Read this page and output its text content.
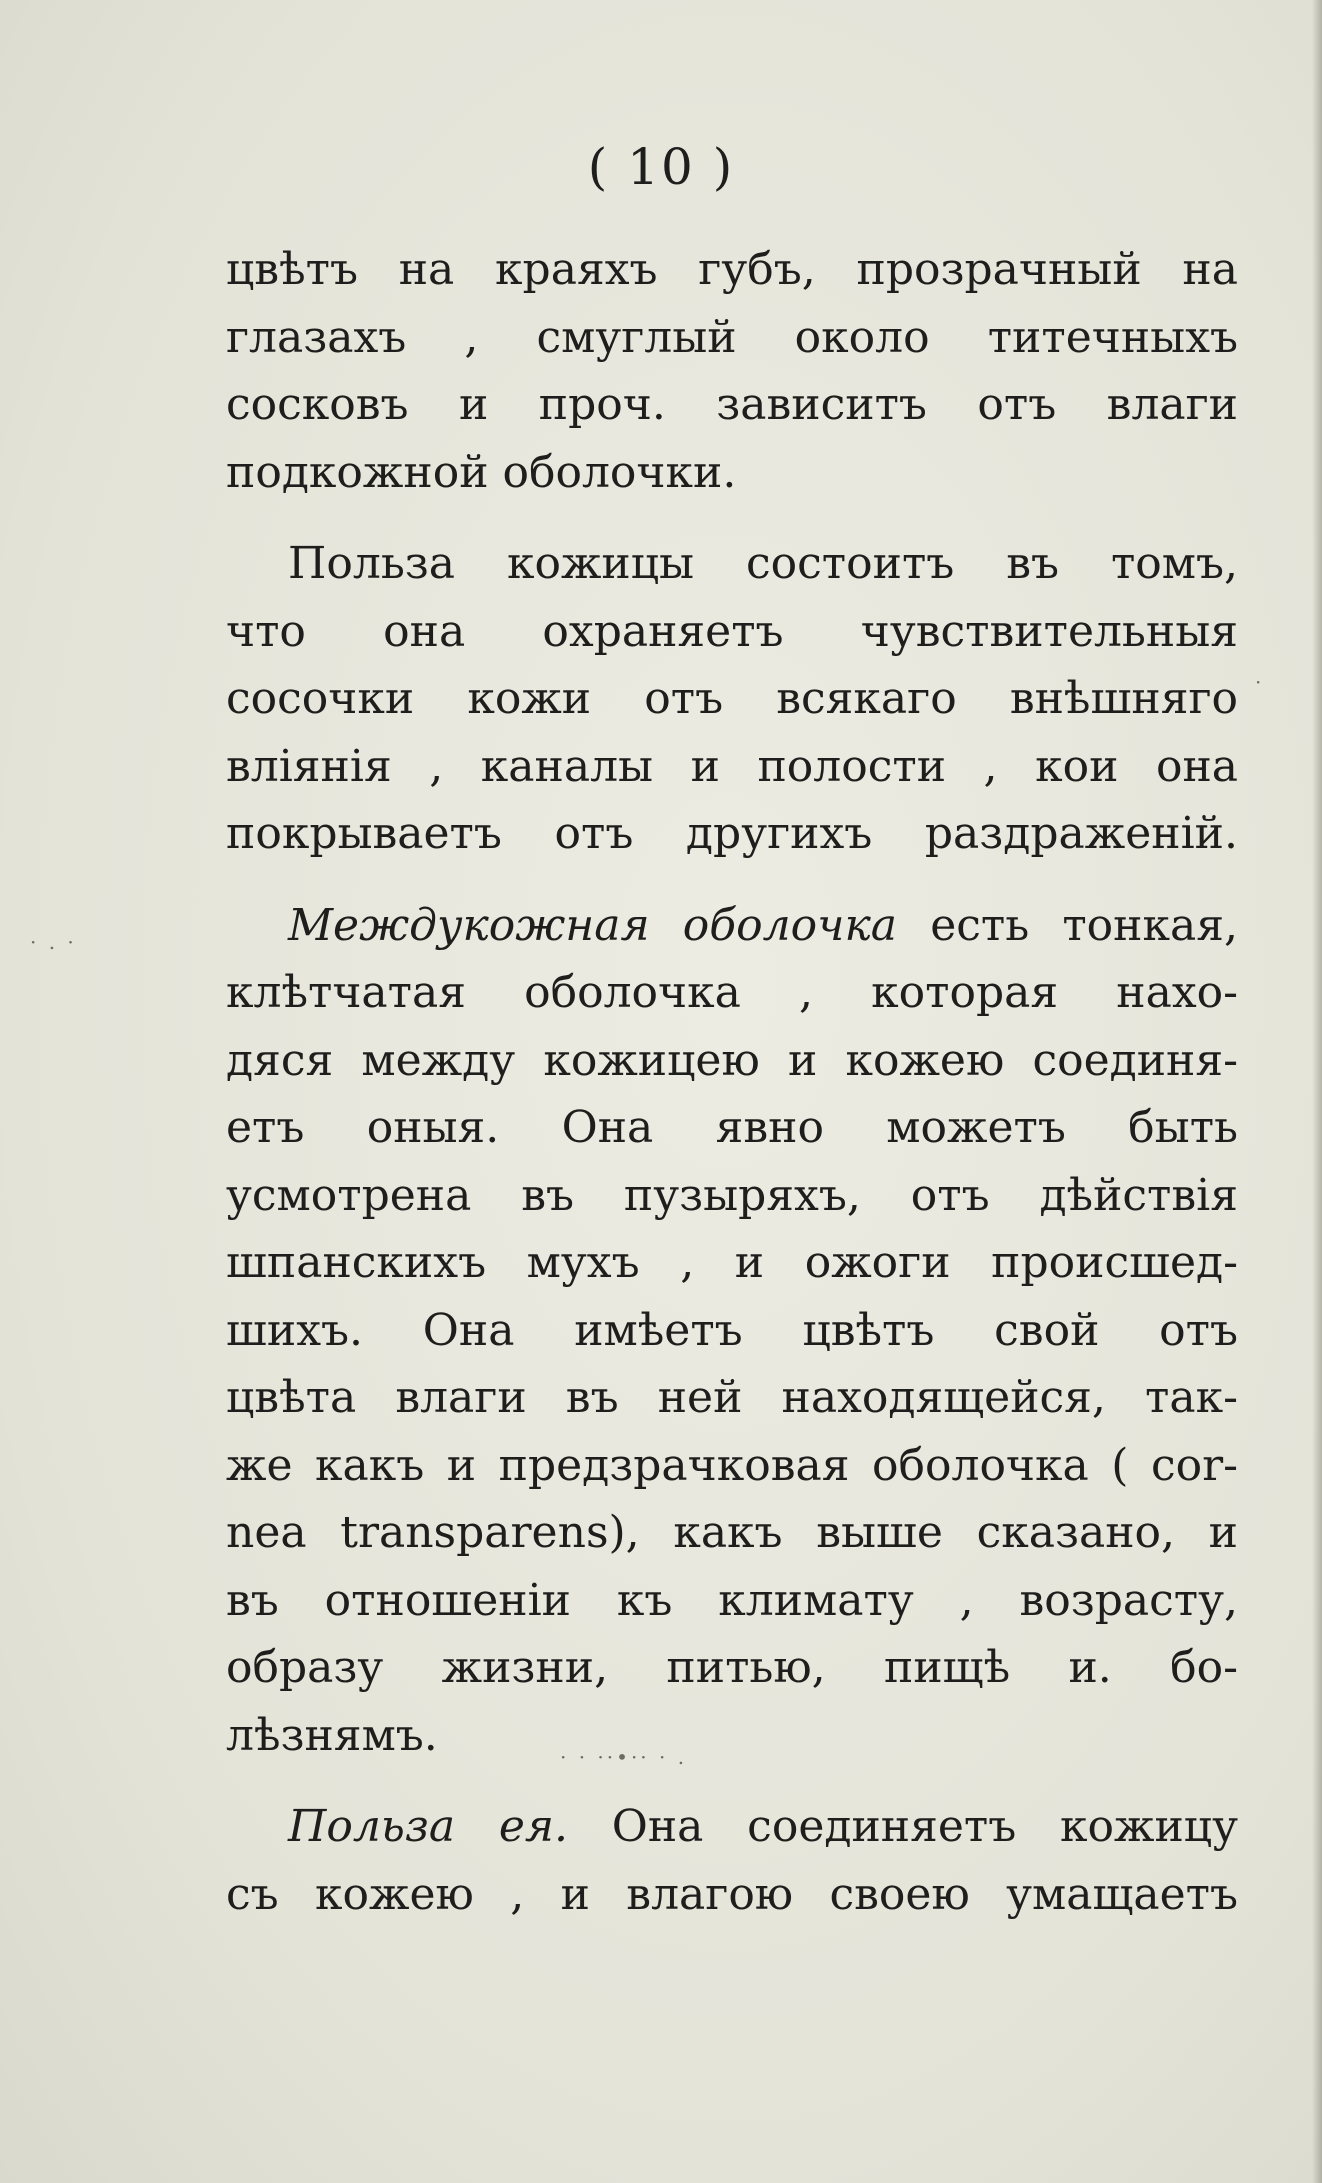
( 10 )
цвѣтъ на краяхъ губъ, прозрачный на
глазахъ , смуглый около титечныхъ
сосковъ и проч. зависитъ отъ влаги
подкожной оболочки.
Польза кожицы состоитъ въ томъ,
что она охраняетъ чувствительныя
сосочки кожи отъ всякаго внѣшняго
влiянiя , каналы и полости , кои она
покрываетъ отъ другихъ раздраженiй.
Междукожная оболочка есть тонкая,
клѣтчатая оболочка , которая нахо-
дяся между кожицею и кожею соединя-
етъ оныя. Она явно можетъ быть
усмотрена въ пузыряхъ, отъ дѣйствiя
шпанскихъ мухъ , и ожоги происшед-
шихъ. Она имѣетъ цвѣтъ свой отъ
цвѣта влаги въ ней находящейся, так-
же какъ и предзрачковая оболочка ( cor-
nea transparens), какъ выше сказано, и
въ отношенiи къ климату , возрасту,
образу жизни, питью, пищѣ и. бо-
лѣзнямъ.
Польза ея. Она соединяетъ кожицу
съ кожею , и влагою своею умащаетъ
· . ·
· · ··•·· · .
·
